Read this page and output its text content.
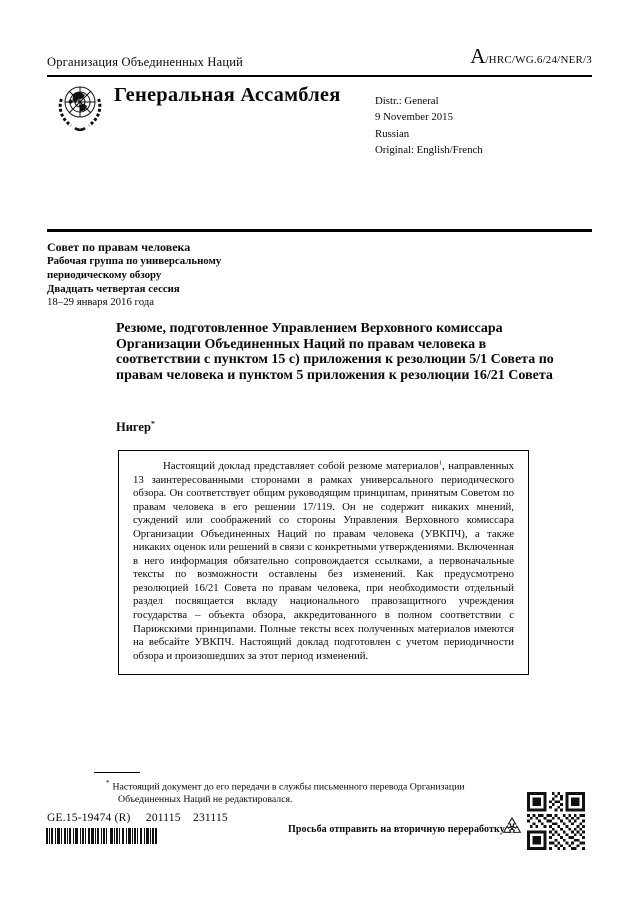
Организация Объединенных Наций	A/HRC/WG.6/24/NER/3
Генеральная Ассамблея	Distr.: General
9 November 2015
Russian
Original: English/French
Совет по правам человека
Рабочая группа по универсальному
периодическому обзору
Двадцать четвертая сессия
18–29 января 2016 года
Резюме, подготовленное Управлением Верховного комиссара Организации Объединенных Наций по правам человека в соответствии с пунктом 15 c) приложения к резолюции 5/1 Совета по правам человека и пунктом 5 приложения к резолюции 16/21 Совета
Нигер*

Настоящий доклад представляет собой резюме материалов$^1$, направленных 13 заинтересованными сторонами в рамках универсального периодического обзора. Он соответствует общим руководящим принципам, принятым Советом по правам человека в его решении 17/119. Он не содержит никаких мнений, суждений или соображений со стороны Управления Верховного комиссара Организации Объединенных Наций по правам человека (УВКПЧ), а также никаких оценок или решений в связи с конкретными утверждениями. Включенная в него информация обязательно сопровождается ссылками, а первоначальные тексты по возможности оставлены без изменений. Как предусмотрено резолюцией 16/21 Совета по правам человека, при необходимости отдельный раздел посвящается вкладу национального правозащитного учреждения государства – объекта обзора, аккредитованного в полном соответствии с Парижскими принципами. Полные тексты всех полученных материалов имеются на вебсайте УВКПЧ. Настоящий доклад подготовлен с учетом периодичности обзора и произошедших за этот период изменений.

* Настоящий документ до его передачи в службы письменного перевода Организации Объединенных Наций не редактировался.
GE.15-19474 (R)     201115    231115
Просьба отправить на вторичную переработку
